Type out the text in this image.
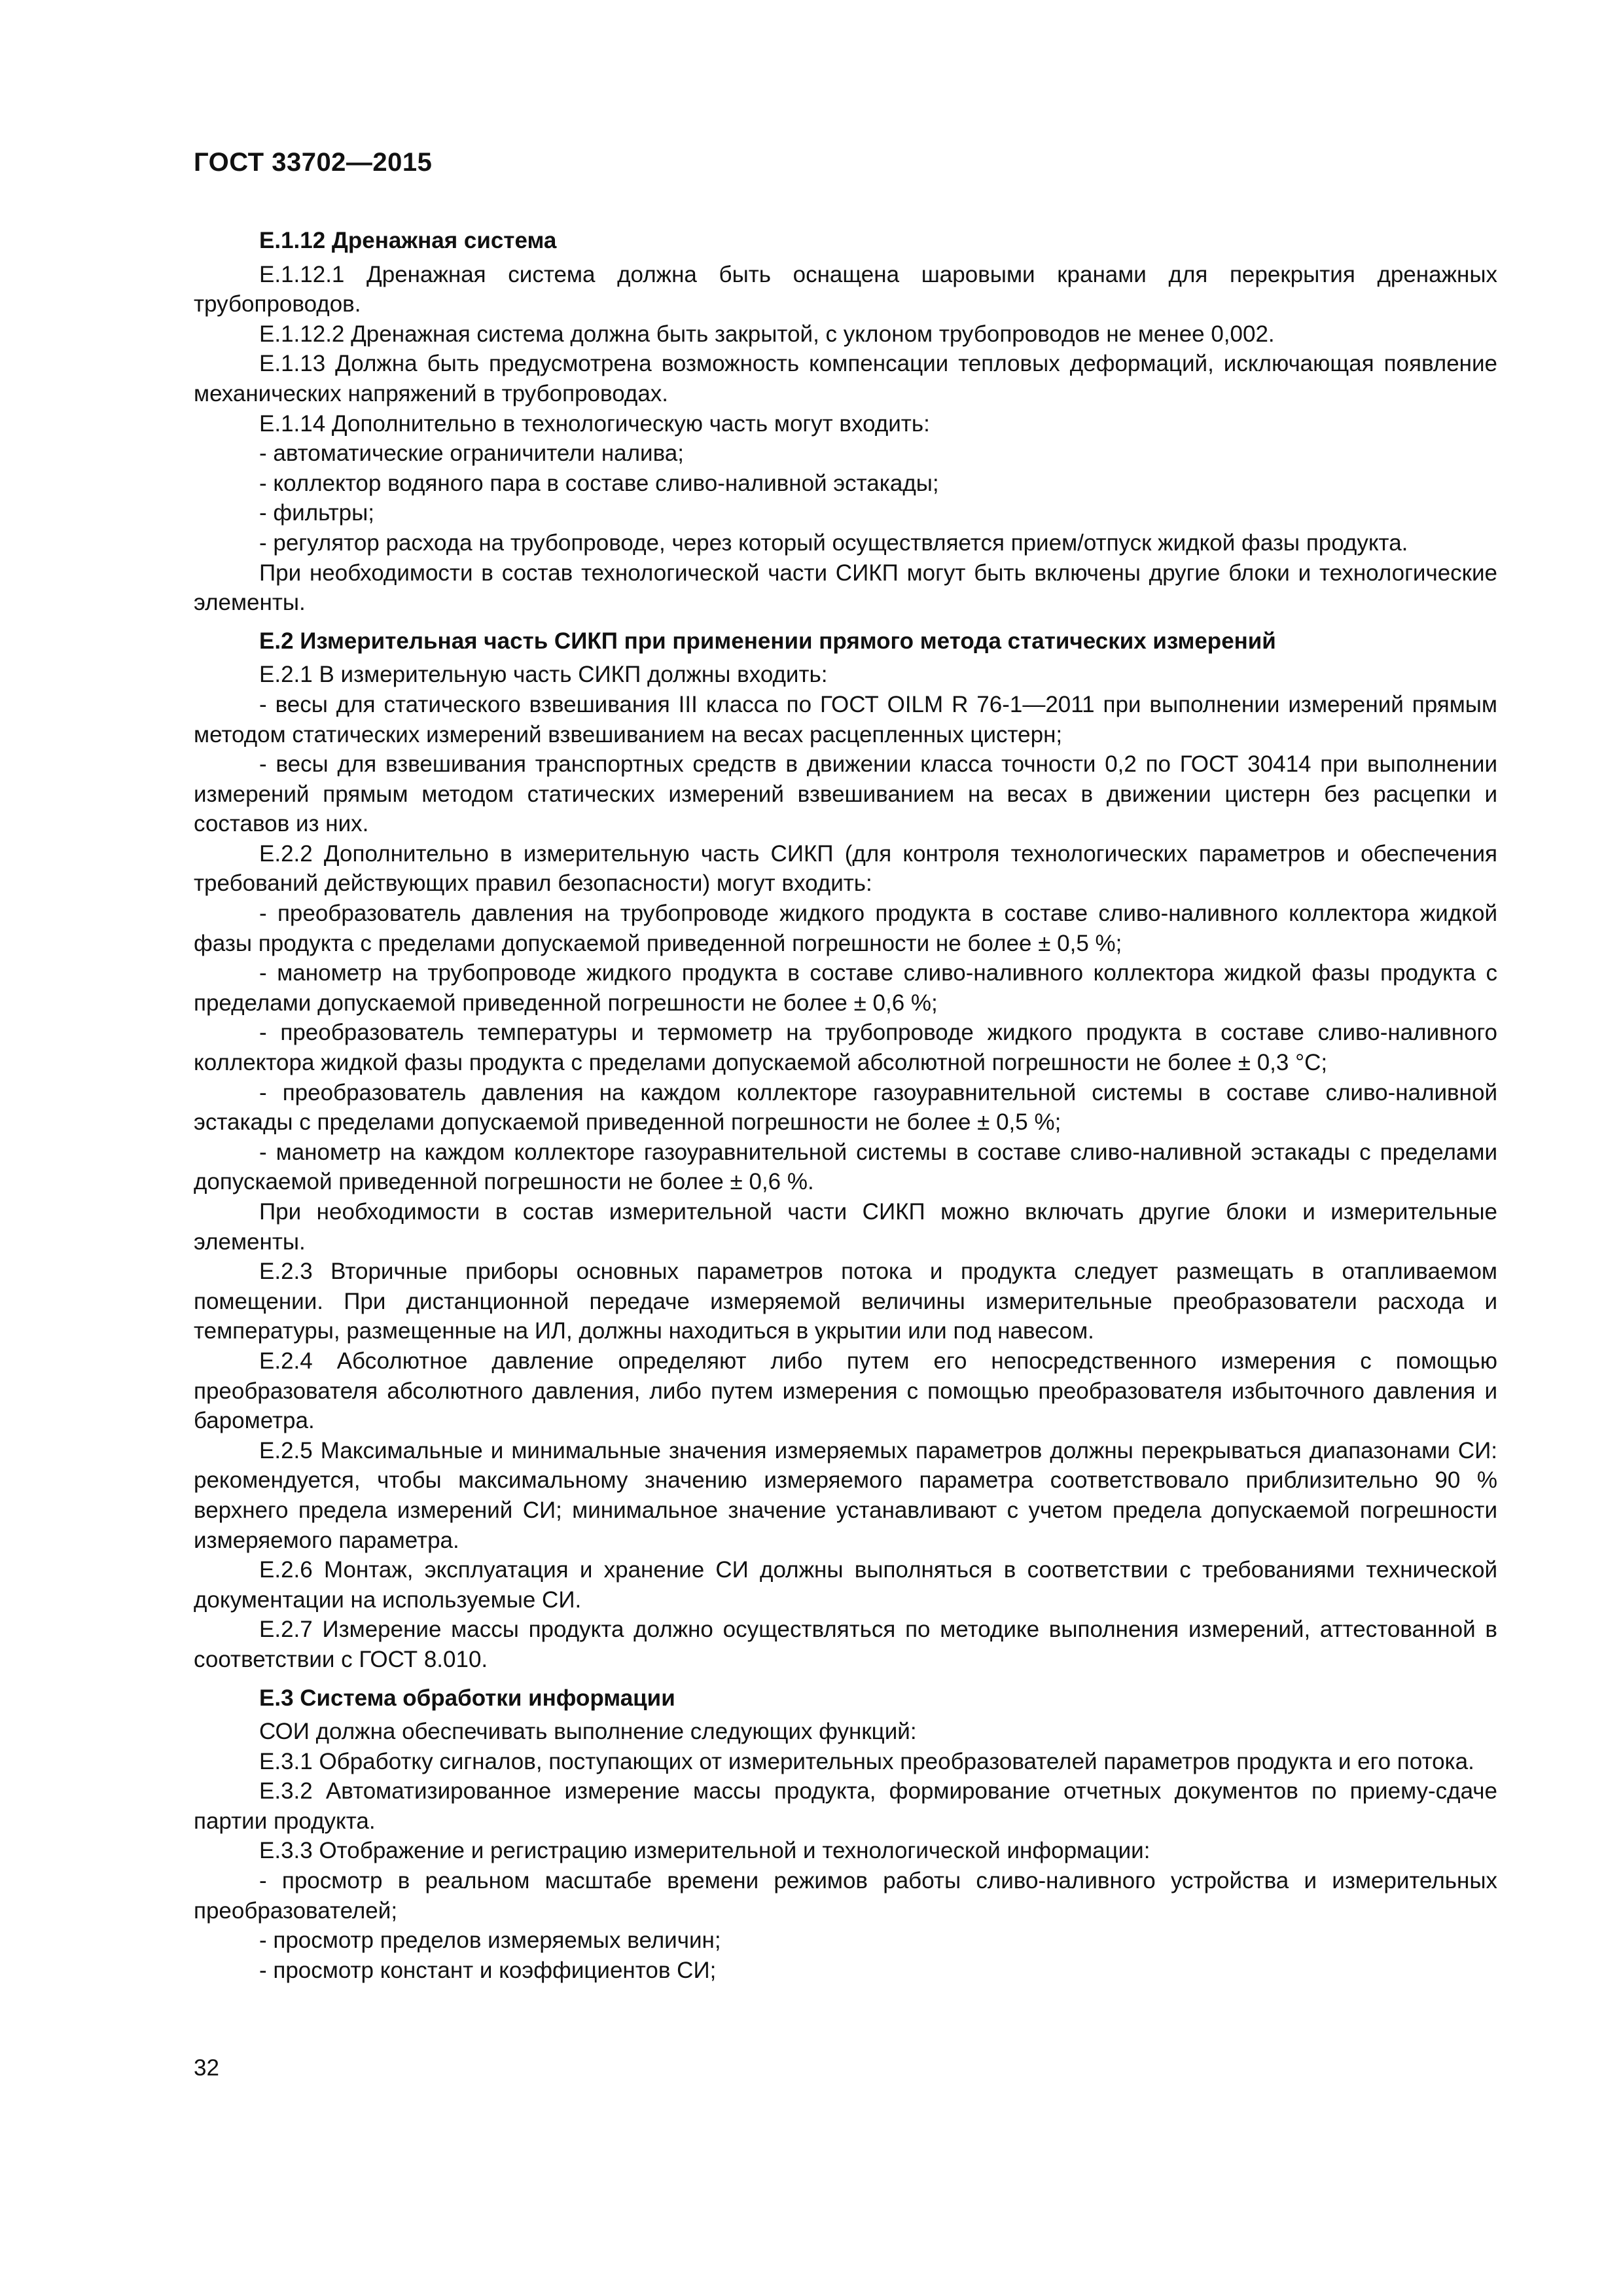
ГОСТ 33702—2015

Е.1.12 Дренажная система

Е.1.12.1 Дренажная система должна быть оснащена шаровыми кранами для перекрытия дренажных трубопроводов.

Е.1.12.2 Дренажная система должна быть закрытой, с уклоном трубопроводов не менее 0,002.

Е.1.13 Должна быть предусмотрена возможность компенсации тепловых деформаций, исключающая появление механических напряжений в трубопроводах.

Е.1.14 Дополнительно в технологическую часть могут входить:

- автоматические ограничители налива;

- коллектор водяного пара в составе сливо-наливной эстакады;

- фильтры;

- регулятор расхода на трубопроводе, через который осуществляется прием/отпуск жидкой фазы продукта.

При необходимости в состав технологической части СИКП могут быть включены другие блоки и технологические элементы.

Е.2 Измерительная часть СИКП при применении прямого метода статических измерений

Е.2.1 В измерительную часть СИКП должны входить:

- весы для статического взвешивания III класса по ГОСТ OILM R 76-1—2011 при выполнении измерений прямым методом статических измерений взвешиванием на весах расцепленных цистерн;

- весы для взвешивания транспортных средств в движении класса точности 0,2 по ГОСТ 30414 при выполнении измерений прямым методом статических измерений взвешиванием на весах в движении цистерн без расцепки и составов из них.

Е.2.2 Дополнительно в измерительную часть СИКП (для контроля технологических параметров и обеспечения требований действующих правил безопасности) могут входить:

- преобразователь давления на трубопроводе жидкого продукта в составе сливо-наливного коллектора жидкой фазы продукта с пределами допускаемой приведенной погрешности не более ± 0,5 %;

- манометр на трубопроводе жидкого продукта в составе сливо-наливного коллектора жидкой фазы продукта с пределами допускаемой приведенной погрешности не более ± 0,6 %;

- преобразователь температуры и термометр на трубопроводе жидкого продукта в составе сливо-наливного коллектора жидкой фазы продукта с пределами допускаемой абсолютной погрешности не более ± 0,3 °С;

- преобразователь давления на каждом коллекторе газоуравнительной системы в составе сливо-наливной эстакады с пределами допускаемой приведенной погрешности не более ± 0,5 %;

- манометр на каждом коллекторе газоуравнительной системы в составе сливо-наливной эстакады с пределами допускаемой приведенной погрешности не более ± 0,6 %.

При необходимости в состав измерительной части СИКП можно включать другие блоки и измерительные элементы.

Е.2.3 Вторичные приборы основных параметров потока и продукта следует размещать в отапливаемом помещении. При дистанционной передаче измеряемой величины измерительные преобразователи расхода и температуры, размещенные на ИЛ, должны находиться в укрытии или под навесом.

Е.2.4 Абсолютное давление определяют либо путем его непосредственного измерения с помощью преобразователя абсолютного давления, либо путем измерения с помощью преобразователя избыточного давления и барометра.

Е.2.5 Максимальные и минимальные значения измеряемых параметров должны перекрываться диапазонами СИ: рекомендуется, чтобы максимальному значению измеряемого параметра соответствовало приблизительно 90 % верхнего предела измерений СИ; минимальное значение устанавливают с учетом предела допускаемой погрешности измеряемого параметра.

Е.2.6 Монтаж, эксплуатация и хранение СИ должны выполняться в соответствии с требованиями технической документации на используемые СИ.

Е.2.7 Измерение массы продукта должно осуществляться по методике выполнения измерений, аттестованной в соответствии с ГОСТ 8.010.

Е.3 Система обработки информации

СОИ должна обеспечивать выполнение следующих функций:

Е.3.1 Обработку сигналов, поступающих от измерительных преобразователей параметров продукта и его потока.

Е.3.2 Автоматизированное измерение массы продукта, формирование отчетных документов по приему-сдаче партии продукта.

Е.3.3 Отображение и регистрацию измерительной и технологической информации:

- просмотр в реальном масштабе времени режимов работы сливо-наливного устройства и измерительных преобразователей;

- просмотр пределов измеряемых величин;

- просмотр констант и коэффициентов СИ;

32
